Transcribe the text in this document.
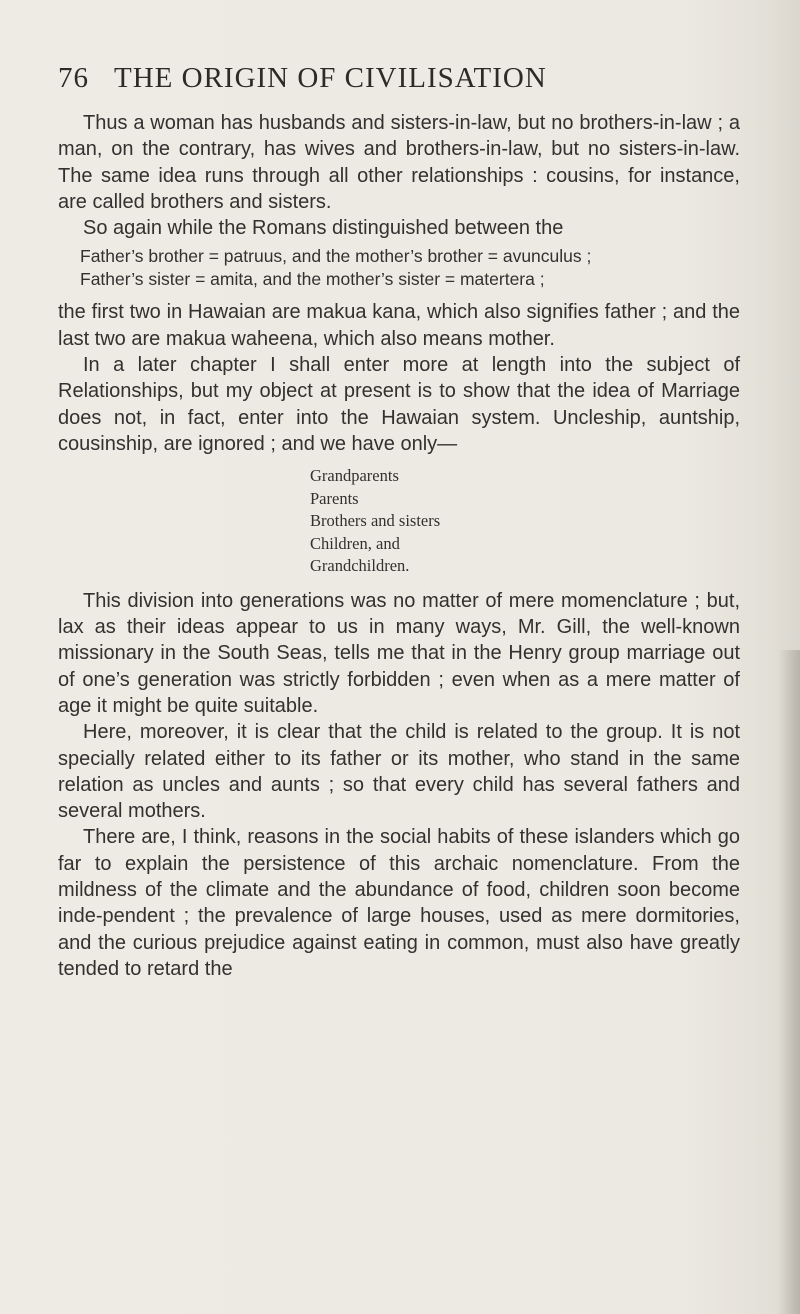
76 THE ORIGIN OF CIVILISATION

Thus a woman has husbands and sisters-in-law, but no brothers-in-law ; a man, on the contrary, has wives and brothers-in-law, but no sisters-in-law. The same idea runs through all other relationships : cousins, for instance, are called brothers and sisters.

So again while the Romans distinguished between the

Father’s brother = patruus, and the mother’s brother = avunculus ;
Father’s sister = amita, and the mother’s sister = matertera ;

the first two in Hawaian are makua kana, which also signifies father ; and the last two are makua waheena, which also means mother.

In a later chapter I shall enter more at length into the subject of Relationships, but my object at present is to show that the idea of Marriage does not, in fact, enter into the Hawaian system. Uncleship, auntship, cousinship, are ignored ; and we have only—

Grandparents
Parents
Brothers and sisters
Children, and
Grandchildren.

This division into generations was no matter of mere momenclature ; but, lax as their ideas appear to us in many ways, Mr. Gill, the well-known missionary in the South Seas, tells me that in the Henry group marriage out of one’s generation was strictly forbidden ; even when as a mere matter of age it might be quite suitable.

Here, moreover, it is clear that the child is related to the group. It is not specially related either to its father or its mother, who stand in the same relation as uncles and aunts ; so that every child has several fathers and several mothers.

There are, I think, reasons in the social habits of these islanders which go far to explain the persistence of this archaic nomenclature. From the mildness of the climate and the abundance of food, children soon become inde-pendent ; the prevalence of large houses, used as mere dormitories, and the curious prejudice against eating in common, must also have greatly tended to retard the
